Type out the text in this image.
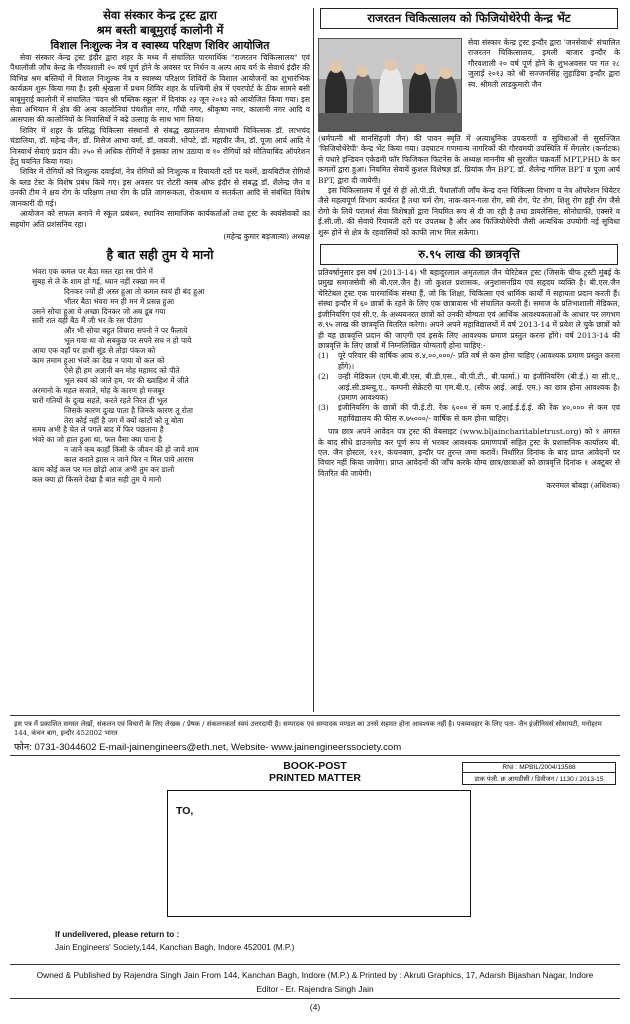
सेवा संस्कार केन्द्र ट्रस्ट द्वारा
श्रम बस्ती बाबूमुराई कालोनी में
विशाल निःशुल्क नेत्र व स्वास्थ्य परिक्षण शिविर आयोजित

सेवा संस्कार केन्द्र ट्रस्ट इंदौर द्वारा शहर के मध्य में संचालित पारमार्थिक "राजरतन चिकित्सालय" एवं पैथालॉजी जाँच केन्द्र के गौरवशाली २० वर्ष पूर्ण होने के अवसर पर निर्धन व अल्प आय वर्ग के सेवार्थ इंदौर की विभिन्न श्रम बस्तियों में विशाल निःशुल्क नेत्र व स्वास्थ्य परिक्षण शिविरों के विशाल आयोजनों का शुभारंभिक कार्यक्रम शुरू किया गया है। इसी श्रृंखला में प्रथम शिविर शहर के पश्चिमी क्षेत्र में एयरपोर्ट के ठीक सामने बसी बाबूमुराई कालोनी में संचालित 'चंदन श्री पब्लिक स्कूल' में दिनांक २३ जून २०१३ को आयोजित किया गया। इस सेवा अभियान में क्षेत्र की अन्य कालोनियां पंचशील नगर, गाँधी नगर, श्रीकृष्ण नगर, कालानी नगर आदि व आसपास की कालोनियों के निवासियों ने बढ़े उत्साह के साथ भाग लिया।

शिविर में शहर के प्रसिद्ध चिकित्सा संस्थानों से संबद्ध ख्यातनाम सेवाभावी चिकित्सक डॉ. लाभचंद चंडालिया, डॉ. महेन्द्र जैन, डॉ. मिसेज आभा वर्मा, डॉ. जयजी. भोपटे, डॉ. महावीर जैन, डॉ. पूजा आर्य आदि ने निःस्वार्थ सेवाएं प्रदान की। २५० से अधिक रोगियों ने इसका लाभ उठाया व १० रोगियों को मोतियाबिंद ऑपरेशन हेतु चयनित किया गया।

शिविर में रोगियों को निःशुल्क दवाईयां, नेत्र रोगियों को निःशुल्क व रियायती दरों पर चश्में, डायबिटीज रोगियों के ब्लड टेस्ट के विशेष प्रबंध किये गए। इस अवसर पर रोटरी क्लब ऑफ इंदौर से संबद्ध डॉ. शैलेन्द्र जैन व उनकी टीम ने क्षय रोग के परिक्षण तथा रोग के प्रति जागरूकता, रोकथाम व सतर्कता आदि से संबंधित विशेष जानकारी दी गई।

आयोजन को सफल बनाने में स्कूल प्रबंधन, स्थानिय सामाजिक कार्यकर्ताओं तथा ट्रस्ट के स्वयंसेवकों का सहयोग अति प्रशंसनिय रहा।

(महेन्द्र कुमार बड़जात्या) अध्यक्ष
है बात सही तुम ये मानो
भंवरा एक कमल पर बैठा मस्त रहा रस पीने में
सुबह से ले के शाम हो गई, ध्यान नहीं रक्खा मन में
दिनकर ज्यों ही अस्त हुआ तो कमल स्वयं ही बंद हुआ
भीतर बैठा भंवरा मन ही मन में प्रसन्न हुआ
उसने सोचा हुआ ये अच्छा दिनकर जो अब डूब गया
सारी रात यहीं बैठ मैं जी भर के रस पीउंगा
और भी सोचा बहुत विचारा सपनो ने पर फैलाये
भूल गया था वो सबकुछ पर सपने सच न हो पाये
आया एक वहाँ पर हाथी सूंड से तोड़ा पंकज को
काम तमाम हुआ भंवरे का देख न पाया वो कल को
ऐसे ही हम अज्ञानी बन मोह महामद को पीते
भूल स्वयं को जाते हम, पर की ख्वाहिश में जीते
अरमानो के महल सजाते, मोह के कारण हो मजबूर
चारों गतियों के दुःख सहते, करते रहते निरत ही भूल
जिसके कारण दुःख पाता है जिनके कारण तू रोता
तेरा कोई नहीं है जग में क्यों कांटों को तू बोता
समय अभी है चेत ले पगले बाद में फिर पछताना है
भंवरे का जो हाल हुआ था, फल वैसा क्या पाना है
न जाने कब काहाँ किसी के जीवन की हो जाये शाम
काल बनाते झास न जाने फिर न मिल पाये आराम
काम कोई कल पर मत छोड़ो आज अभी तुम कर डालो
कल क्या हो किसने देखा है बात सही तुम ये मानो
राजरतन चिकित्सालय को फिजियोथेरेपी केन्द्र भेंट

सेवा संस्कार केन्द्र ट्रस्ट इन्दौर द्वारा 'जनसेवार्थ' संचालित राजरतन चिकित्सालय, इमली बाजार इन्दौर के गौरवशाली २० वर्ष पूर्ण होने के शुभअवसर पर गत २८ जुलाई २०१३ को श्री सज्जनसिंह लुहाड़िया इन्दौर द्वारा स्व. श्रीमती लाडकुमारी जैन

(धर्मपत्नी श्री मानसिंहजी जैन) की पावन स्मृति में अत्याधुनिक उपकरणों व सुविधाओं से सुसज्जित 'फिजियोथेरेपी' केन्द्र भेंट किया गया। उदघाटन गणमान्य नागरिकों की गौरवमयी उपस्थिति में मेंगलोर (कर्नाटक) से पधारे इन्डियन एकेडमी फॉर फिजिकल फिटनेस के अध्यक्ष माननीय श्री सुरजीत चक्रवर्ती MPT,PHD के कर कमलों द्वारा हुआ। नियमित सेवायें कुशल विशेषज्ञ डॉ. प्रियांक जैन BPT, डॉ. शैलेन्द्र गांगिल BPT व पूजा आर्य BPT, द्वारा दी जायेगी।

इस चिकित्सालय में पूर्व से ही ओ.पी.डी. पैथालॉजी जाँच केन्द्र दन्त चिकित्सा विभाग व नेत्र ऑपरेशन थियेटर जैसे महत्वपूर्ण विभाग कार्यरत हैं तथा चर्म रोग, नाक-कान-गला रोग, स्त्री रोग, पेट रोग, शिशु रोग हड्डी रोग जैसे रोगो के लिये परामर्श सेवा विशेषज्ञों द्वारा नियमित रूप से दी जा रही है तथा डायलेसिस, सोनोग्राफी, एक्सरे व ई.सी.जी. की सेवाये रियायती दरों पर उपलब्ध है और अब फिजियोथेरेपी जैसी अत्यधिक उपयोगी नई सुविधा शुरू होने से क्षेत्र के रहवासियों को काफी लाभ मिल सकेगा।

रु.९५ लाख की छात्रवृत्ति

प्रतिवर्षानुसार इस वर्ष (2013-14) भी बहादुरलाल अमृतलाल जैन चेरिटेबल ट्रस्ट (जिसके चीफ ट्रस्टी मुंबई के प्रमुख समाजसेवी श्री बी.एल.जैन है) जो कुशल प्रशासक, अनुशासनप्रिय एवं सहृदय व्यक्ति है। बी.एल.जैन चेरिटेबल ट्रस्ट एक पारमार्थिक संस्था हैं, जो कि शिक्षा, चिकित्सा एवं धार्मिक कार्यों में सहायता प्रदान करती हैं। संस्था इन्दौर में ६० छात्रों के रहने के लिए एक छात्रावास भी संचालित करती हैं। समाज के प्रतिभाशाली मेडिकल, इंजीनियरिंग एवं सी.ए. के अध्ययनरत छात्रों को उनकी योग्यता एवं आर्थिक आवश्यकताओं के आधार पर लगभग रु.९५ लाख की छात्रवृत्ति वितरित करेगा। अपने अपने महाविद्यालयों में वर्ष 2013-14 में प्रवेश ले चुके छात्रों को ही यह छात्रवृत्ति प्रदान की जाएगी एवं इसके लिए आवश्यक प्रमाण प्रस्तुत करना होंगे। वर्ष 2013-14 की छात्रवृत्ति के लिए छात्रों में निम्नलिखित योग्यताएँ होना चाहिए:-

(1)	पूरे परिवार की वार्षिक आय रु.४,००,०००/- प्रति वर्ष से कम होना चाहिए (आवश्यक प्रमाण प्रस्तुत करना होंगे)।
(2)	उन्ही मेडिकल (एम.बी.बी.एस, बी.डी.एस., बी.पी.टी., बी.फार्मा.) या इंजीनियरिंग (बी.ई.) या सी.ए., आई.सी.डब्ल्यू.ए., कम्पनी सेक्रेटरी या एम.बी.ए. (सीफ आई. आई. एम.) का छात्र होना आवश्यक है। (प्रमाण आवश्यक)
(3)	इंजीनियरिंग के छात्रों की पी.ई.टी. रेंक ६००० से कम ए.आई.ई.ई.ई. की रेंक ४०,००० से कम एवं महाविद्यालय की फीस रु.७५०००/- वार्षिक से कम होना चाहिए।

पात्र छात्र अपने आवेदन पत्र ट्रस्ट की वेबसाइट (www.bljaincharitabletrust.org) को १ अगस्त के बाद सीधे डाउनलोड कर पूर्ण रूप से भरकर आवश्यक प्रमाणपत्रों सहित ट्रस्ट के प्रशासनिक कार्यालय बी. एल. जैन होस्टल, १२१, कंचनबाग, इन्दौर पर तुरन्त जमा करावें। निर्धारित दिनांक के बाद प्राप्त आवेदनों पर विचार नहीं किया जावेगा। प्राप्त आवेदनों की जाँच करके योग्य छात्र/छात्राओं को छात्रवृत्ति दिनांक १ अक्टूबर से वितरित की जायेगी।

करनमल बोबड़ा (अधिशक)
इस पत्र में प्रकाशित समस्त लेखों, संकलन एवं विचारों के लिए लेखक / प्रेषक / संकलनकर्ता स्वयं उत्तरदायी है। सम्पादक एवं सम्पादक मण्डल का उनसे सहमत होना आवश्यक नहीं है। पत्रव्यवहार के लिए पता- जैन इंजीनियर्स सोसायटी, मनोहरम 144, कंचन बाग, इन्दौर 452002 भारत
फोन: 0731-3044602 E-mail-jainengineers@eth.net, Website- www.jainengineerssociety.com
BOOK-POST
PRINTED MATTER
RNI : MPBIL/2004/13588
डाक पंजी. क्र आयडीसी / डिवीजन / 1130 / 2013-15
TO,
If undelivered, please return to :
Jain Engineers' Society,144, Kanchan Bagh, Indore 452001 (M.P.)
Owned & Published by Rajendra Singh Jain From 144, Kanchan Bagh, Indore (M.P.) & Printed by : Akruti Graphics, 17, Adarsh Bijashan Nagar, Indore
Editor - Er. Rajendra Singh Jain
(4)
